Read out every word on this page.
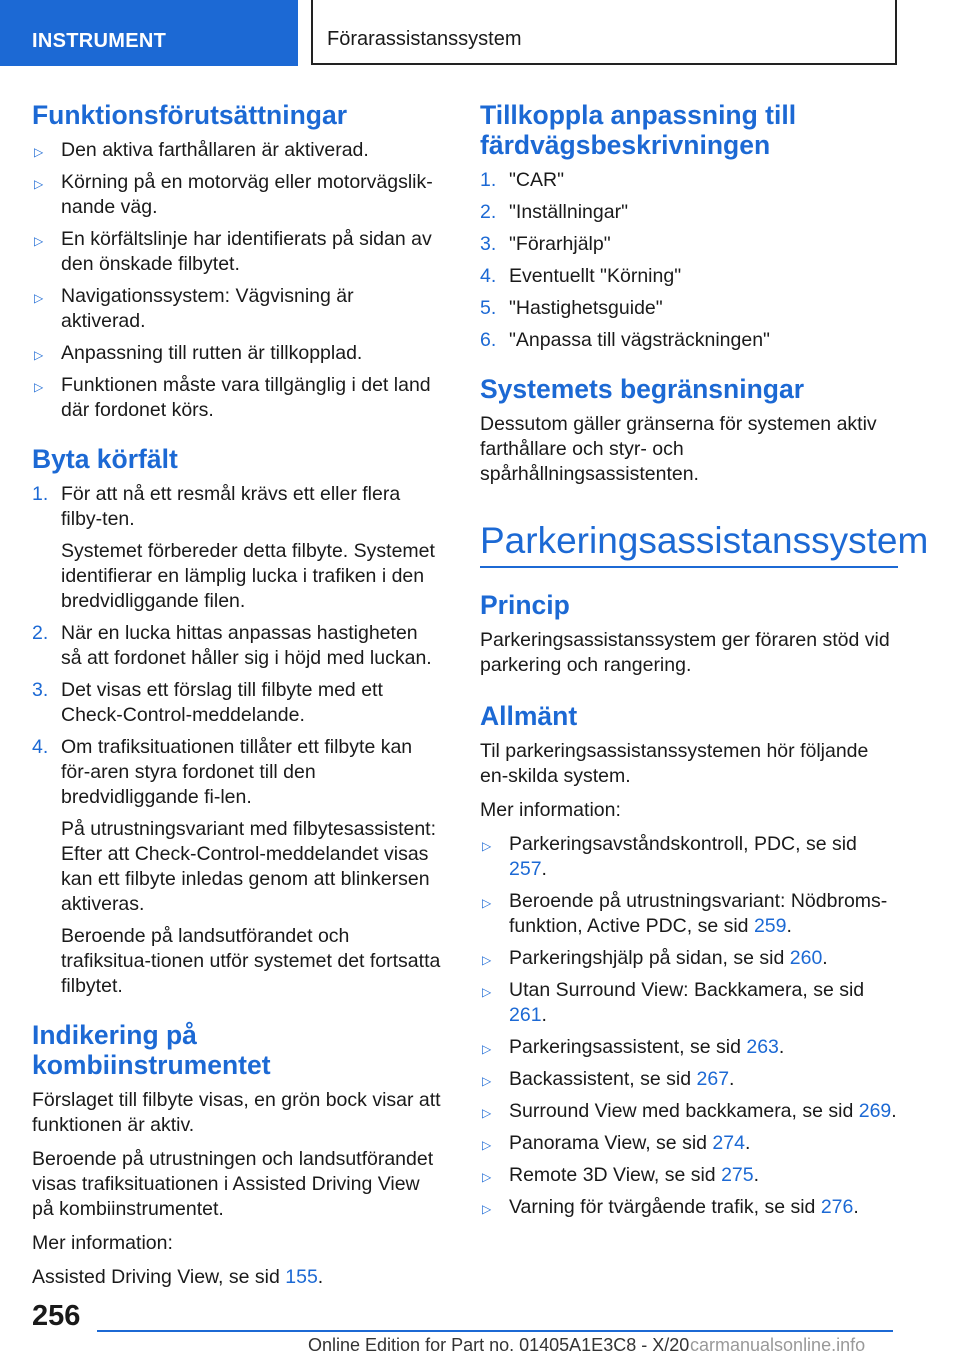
INSTRUMENT	Förarassistanssystem
Funktionsförutsättningar
▷ Den aktiva farthållaren är aktiverad.
▷ Körning på en motorväg eller motorvägslik-nande väg.
▷ En körfältslinje har identifierats på sidan av den önskade filbytet.
▷ Navigationssystem: Vägvisning är aktiverad.
▷ Anpassning till rutten är tillkopplad.
▷ Funktionen måste vara tillgänglig i det land där fordonet körs.
Byta körfält
1. För att nå ett resmål krävs ett eller flera filby-ten.

Systemet förbereder detta filbyte. Systemet identifierar en lämplig lucka i trafiken i den bredvidliggande filen.

2. När en lucka hittas anpassas hastigheten så att fordonet håller sig i höjd med luckan.

3. Det visas ett förslag till filbyte med ett Check-Control-meddelande.

4. Om trafiksituationen tillåter ett filbyte kan för-aren styra fordonet till den bredvidliggande fi-len.

På utrustningsvariant med filbytesassistent: Efter att Check-Control-meddelandet visas kan ett filbyte inledas genom att blinkersen aktiveras.

Beroende på landsutförandet och trafiksitua-tionen utför systemet det fortsatta filbytet.

Indikering på kombiinstrumentet

Förslaget till filbyte visas, en grön bock visar att funktionen är aktiv.

Beroende på utrustningen och landsutförandet visas trafiksituationen i Assisted Driving View på kombiinstrumentet.

Mer information:

Assisted Driving View, se sid 155.

Tillkoppla anpassning till färdvägsbeskrivningen
1. "CAR"
2. "Inställningar"
3. "Förarhjälp"
4. Eventuellt "Körning"
5. "Hastighetsguide"
6. "Anpassa till vägsträckningen"
Systemets begränsningar

Dessutom gäller gränserna för systemen aktiv farthållare och styr- och spårhållningsassistenten.

Parkeringsassistanssystem
Princip

Parkeringsassistanssystem ger föraren stöd vid parkering och rangering.

Allmänt

Til parkeringsassistanssystemen hör följande en-skilda system.

Mer information:

▷ Parkeringsavståndskontroll, PDC, se sid 257.
▷ Beroende på utrustningsvariant: Nödbroms-funktion, Active PDC, se sid 259.
▷ Parkeringshjälp på sidan, se sid 260.
▷ Utan Surround View: Backkamera, se sid 261.
▷ Parkeringsassistent, se sid 263.
▷ Backassistent, se sid 267.
▷ Surround View med backkamera, se sid 269.
▷ Panorama View, se sid 274.
▷ Remote 3D View, se sid 275.
▷ Varning för tvärgående trafik, se sid 276.
256
Online Edition for Part no. 01405A1E3C8 - X/20 carmanualsonline.info
